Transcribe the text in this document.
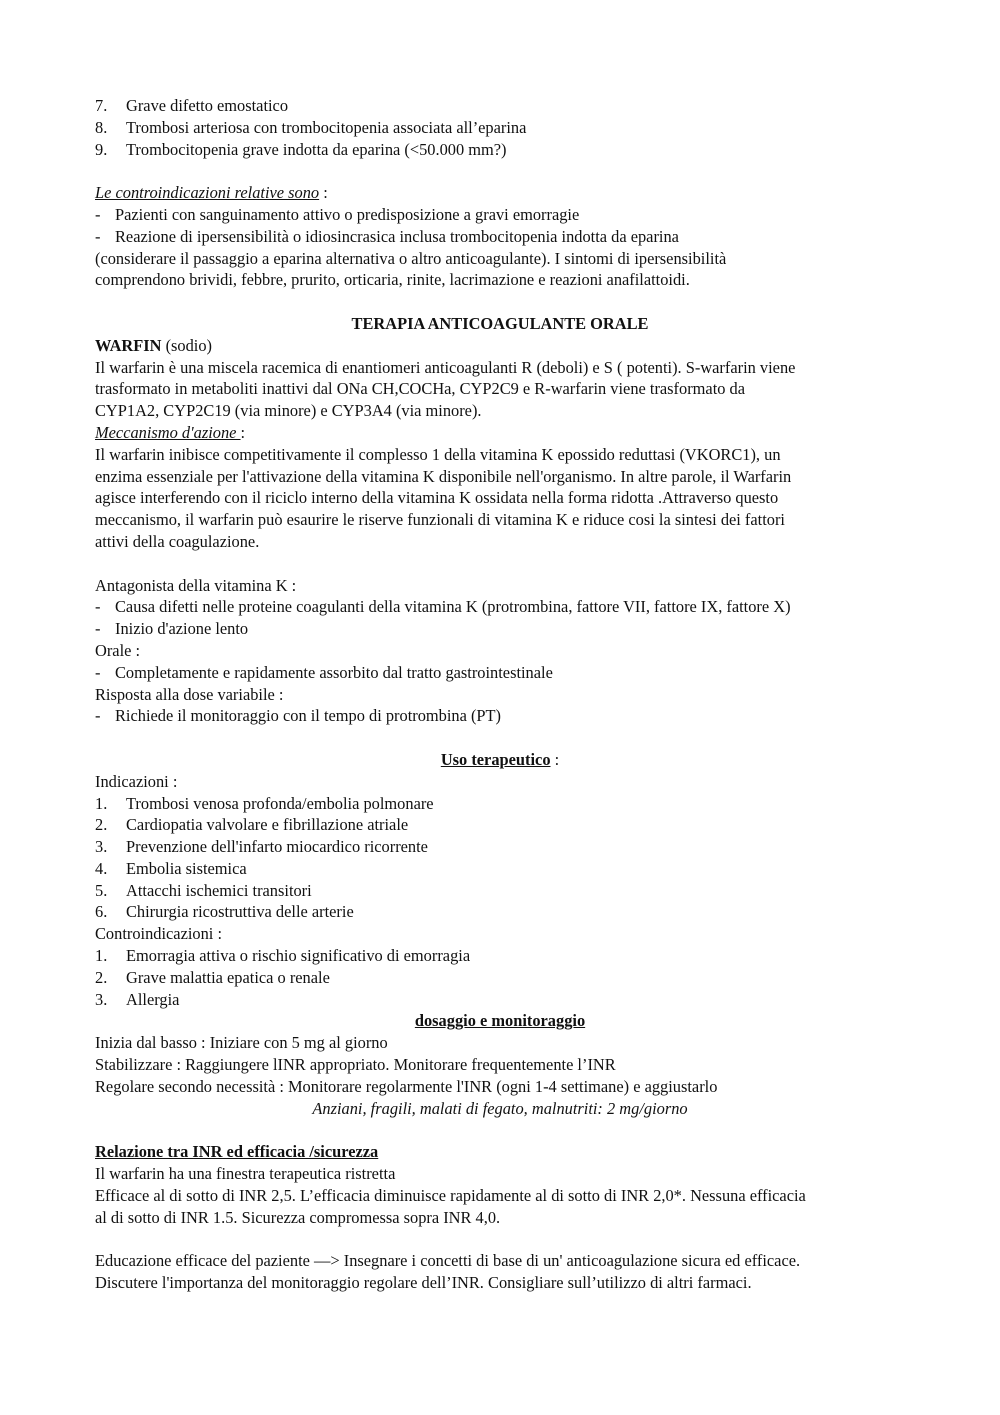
7.	Grave difetto emostatico
8.	Trombosi arteriosa con trombocitopenia associata all’eparina
9.	Trombocitopenia grave indotta da eparina (<50.000 mm?)
Le controindicazioni relative sono :
- Pazienti con sanguinamento attivo o predisposizione a gravi emorragie
- Reazione di ipersensibilità o idiosincrasica inclusa trombocitopenia indotta da eparina
(considerare il passaggio a eparina alternativa o altro anticoagulante). I sintomi di ipersensibilità
comprendono brividi, febbre, prurito, orticaria, rinite, lacrimazione e reazioni anafilattoidi.
TERAPIA ANTICOAGULANTE ORALE
WARFIN (sodio)
Il warfarin è una miscela racemica di enantiomeri anticoagulanti R (deboli) e S ( potenti). S-warfarin viene
trasformato in metaboliti inattivi dal ONa CH,COCHa, CYP2C9 e R-warfarin viene trasformato da
CYP1A2, CYP2C19 (via minore) e CYP3A4 (via minore).
Meccanismo d'azione :
Il warfarin inibisce competitivamente il complesso 1 della vitamina K epossido reduttasi (VKORC1), un
enzima essenziale per l'attivazione della vitamina K disponibile nell'organismo. In altre parole, il Warfarin
agisce interferendo con il riciclo interno della vitamina K ossidata nella forma ridotta .Attraverso questo
meccanismo, il warfarin può esaurire le riserve funzionali di vitamina K e riduce cosi la sintesi dei fattori
attivi della coagulazione.
Antagonista della vitamina K :
- Causa difetti nelle proteine coagulanti della vitamina K (protrombina, fattore VII, fattore IX, fattore X)
- Inizio d'azione lento
Orale :
- Completamente e rapidamente assorbito dal tratto gastrointestinale
Risposta alla dose variabile :
- Richiede il monitoraggio con il tempo di protrombina (PT)
Uso terapeutico :
Indicazioni :
1.	Trombosi venosa profonda/embolia polmonare
2.	Cardiopatia valvolare e fibrillazione atriale
3.	Prevenzione dell'infarto miocardico ricorrente
4.	Embolia sistemica
5.	Attacchi ischemici transitori
6.	Chirurgia ricostruttiva delle arterie
Controindicazioni :
1.	Emorragia attiva o rischio significativo di emorragia
2.	Grave malattia epatica o renale
3.	Allergia
dosaggio e monitoraggio
Inizia dal basso : Iniziare con 5 mg al giorno
Stabilizzare : Raggiungere lINR appropriato. Monitorare frequentemente l’INR
Regolare secondo necessità : Monitorare regolarmente l'INR (ogni 1-4 settimane) e aggiustarlo
Anziani, fragili, malati di fegato, malnutriti: 2 mg/giorno
Relazione tra INR ed efficacia /sicurezza
Il warfarin ha una finestra terapeutica ristretta
Efficace al di sotto di INR 2,5. L’efficacia diminuisce rapidamente al di sotto di INR 2,0*. Nessuna efficacia
al di sotto di INR 1.5. Sicurezza compromessa sopra INR 4,0.
Educazione efficace del paziente —> Insegnare i concetti di base di un' anticoagulazione sicura ed efficace.
Discutere l'importanza del monitoraggio regolare dell’INR. Consigliare sull’utilizzo di altri farmaci.
